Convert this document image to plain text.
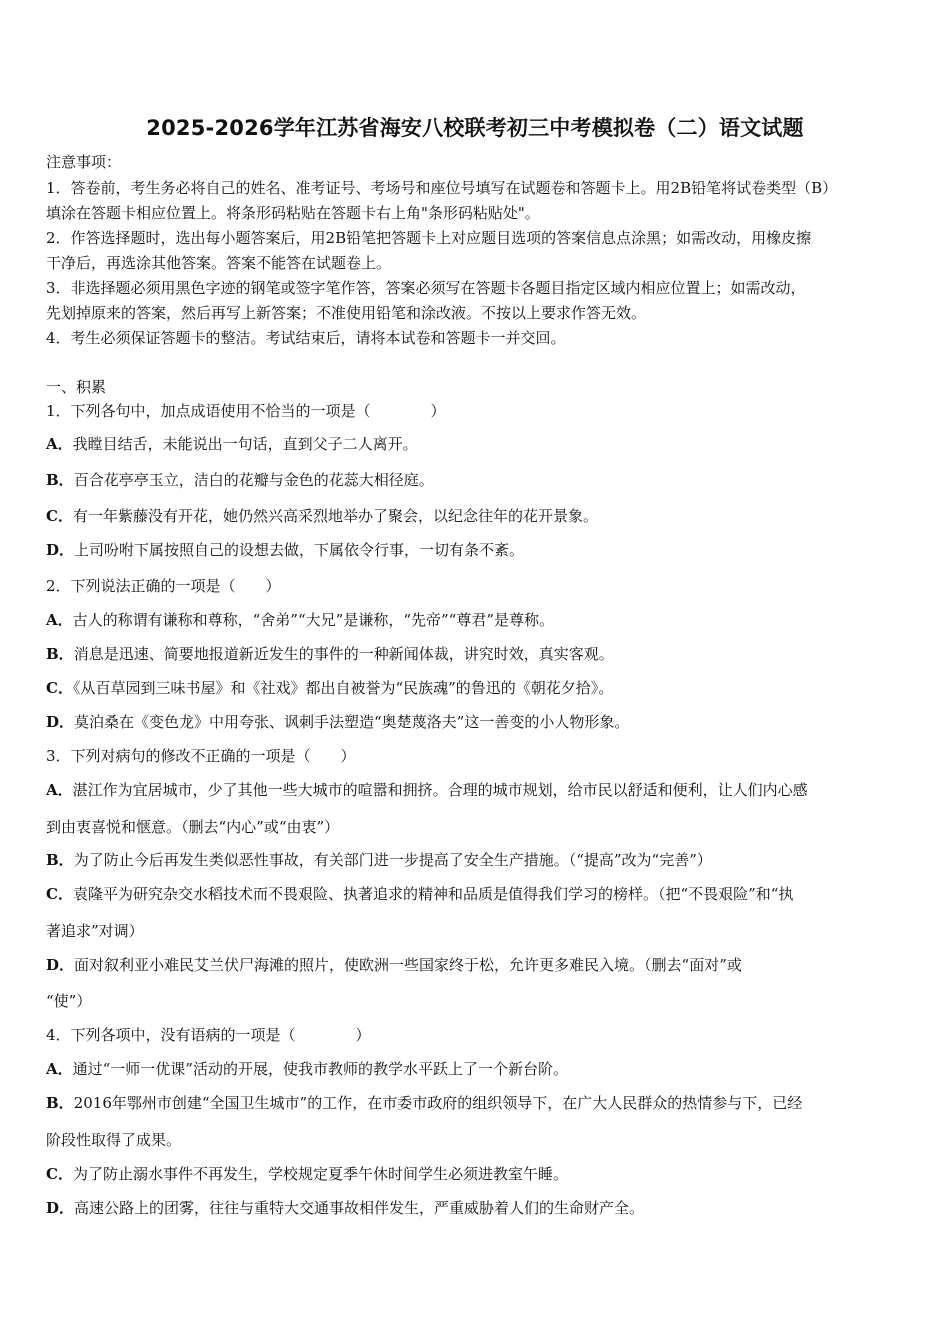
2025-2026学年江苏省海安八校联考初三中考模拟卷（二）语文试题
注意事项：
1．答卷前，考生务必将自己的姓名、准考证号、考场号和座位号填写在试题卷和答题卡上。用2B铅笔将试卷类型（B）
填涂在答题卡相应位置上。将条形码粘贴在答题卡右上角"条形码粘贴处"。
2．作答选择题时，选出每小题答案后，用2B铅笔把答题卡上对应题目选项的答案信息点涂黑；如需改动，用橡皮擦
干净后，再选涂其他答案。答案不能答在试题卷上。
3．非选择题必须用黑色字迹的钢笔或签字笔作答，答案必须写在答题卡各题目指定区域内相应位置上；如需改动，
先划掉原来的答案，然后再写上新答案；不准使用铅笔和涂改液。不按以上要求作答无效。
4．考生必须保证答题卡的整洁。考试结束后，请将本试卷和答题卡一并交回。
一、积累
1．下列各句中，加点成语使用不恰当的一项是（　　　　）
A．我瞠目结舌，未能说出一句话，直到父子二人离开。
B．百合花亭亭玉立，洁白的花瓣与金色的花蕊大相径庭。
C．有一年紫藤没有开花，她仍然兴高采烈地举办了聚会，以纪念往年的花开景象。
D．上司吩咐下属按照自己的设想去做，下属依令行事，一切有条不紊。
2．下列说法正确的一项是（　　）
A．古人的称谓有谦称和尊称，“舍弟”“大兄”是谦称，“先帝”“尊君”是尊称。
B．消息是迅速、简要地报道新近发生的事件的一种新闻体裁，讲究时效，真实客观。
C．《从百草园到三味书屋》和《社戏》都出自被誉为“民族魂”的鲁迅的《朝花夕拾》。
D．莫泊桑在《变色龙》中用夸张、讽刺手法塑造“奥楚蔑洛夫”这一善变的小人物形象。
3．下列对病句的修改不正确的一项是（　　）
A．湛江作为宜居城市，少了其他一些大城市的喧嚣和拥挤。合理的城市规划，给市民以舒适和便利，让人们内心感
到由衷喜悦和惬意。（删去“内心”或“由衷”）
B．为了防止今后再发生类似恶性事故，有关部门进一步提高了安全生产措施。（“提高”改为“完善”）
C．袁隆平为研究杂交水稻技术而不畏艰险、执著追求的精神和品质是值得我们学习的榜样。（把“不畏艰险”和“执
著追求”对调）
D．面对叙利亚小难民艾兰伏尸海滩的照片，使欧洲一些国家终于松，允许更多难民入境。（删去“面对”或
“使”）
4．下列各项中，没有语病的一项是（　　　　）
A．通过“一师一优课”活动的开展，使我市教师的教学水平跃上了一个新台阶。
B．2016年鄂州市创建“全国卫生城市”的工作，在市委市政府的组织领导下，在广大人民群众的热情参与下，已经
阶段性取得了成果。
C．为了防止溺水事件不再发生，学校规定夏季午休时间学生必须进教室午睡。
D．高速公路上的团雾，往往与重特大交通事故相伴发生，严重威胁着人们的生命财产全。
